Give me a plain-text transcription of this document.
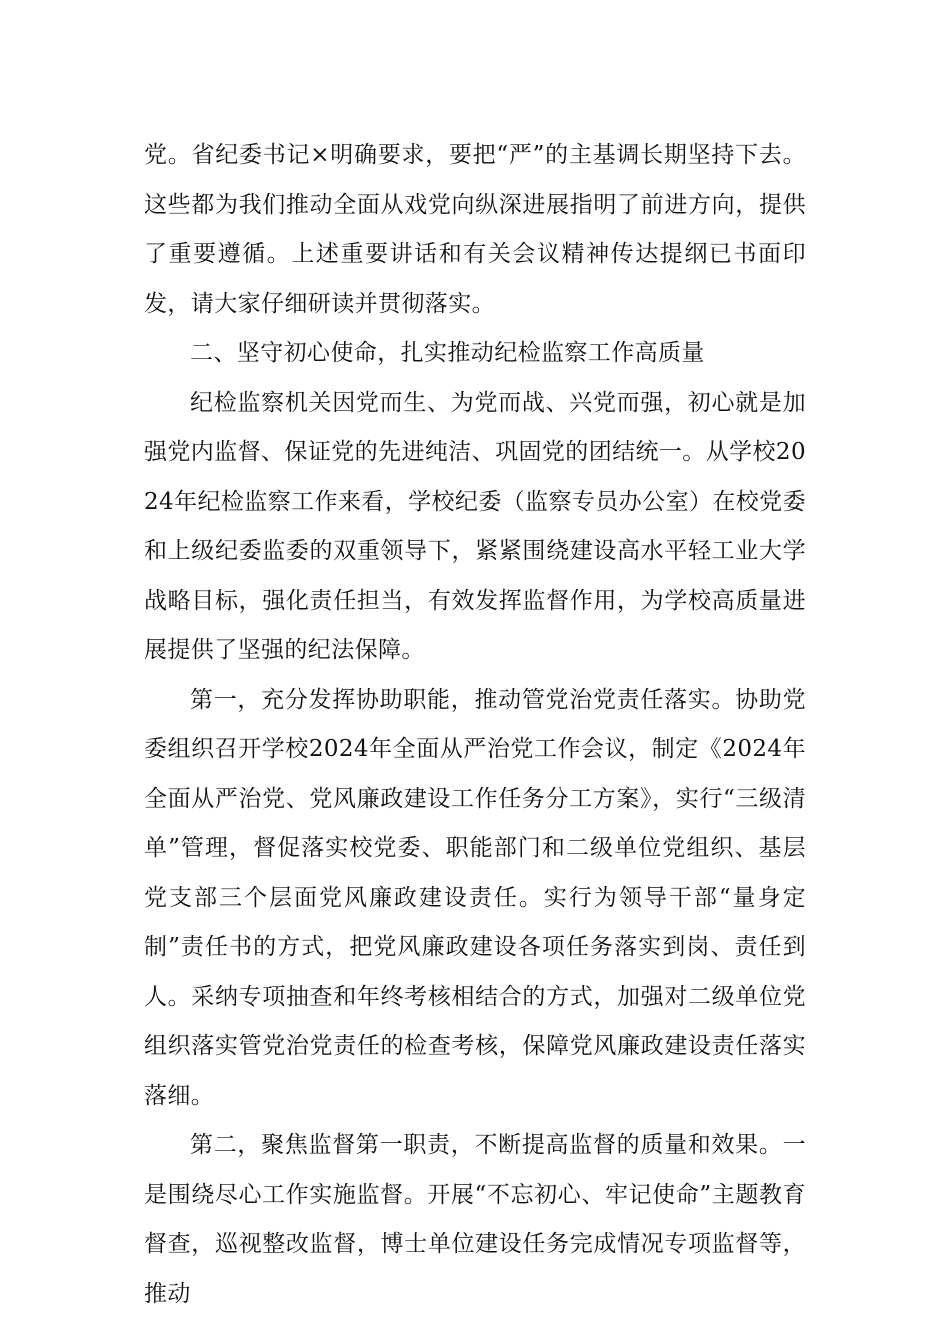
党。省纪委书记×明确要求，要把“严”的主基调长期坚持下去。这些都为我们推动全面从戏党向纵深进展指明了前进方向，提供了重要遵循。上述重要讲话和有关会议精神传达提纲已书面印发，请大家仔细研读并贯彻落实。

二、坚守初心使命，扎实推动纪检监察工作高质量

纪检监察机关因党而生、为党而战、兴党而强，初心就是加强党内监督、保证党的先进纯洁、巩固党的团结统一。从学校2024年纪检监察工作来看，学校纪委（监察专员办公室）在校党委和上级纪委监委的双重领导下，紧紧围绕建设高水平轻工业大学战略目标，强化责任担当，有效发挥监督作用，为学校高质量进展提供了坚强的纪法保障。

第一，充分发挥协助职能，推动管党治党责任落实。协助党委组织召开学校2024年全面从严治党工作会议，制定《2024年全面从严治党、党风廉政建设工作任务分工方案》，实行“三级清单”管理，督促落实校党委、职能部门和二级单位党组织、基层党支部三个层面党风廉政建设责任。实行为领导干部“量身定制”责任书的方式，把党风廉政建设各项任务落实到岗、责任到人。采纳专项抽查和年终考核相结合的方式，加强对二级单位党组织落实管党治党责任的检查考核，保障党风廉政建设责任落实落细。

第二，聚焦监督第一职责，不断提高监督的质量和效果。一是围绕尽心工作实施监督。开展“不忘初心、牢记使命”主题教育督查，巡视整改监督，博士单位建设任务完成情况专项监督等，推动
